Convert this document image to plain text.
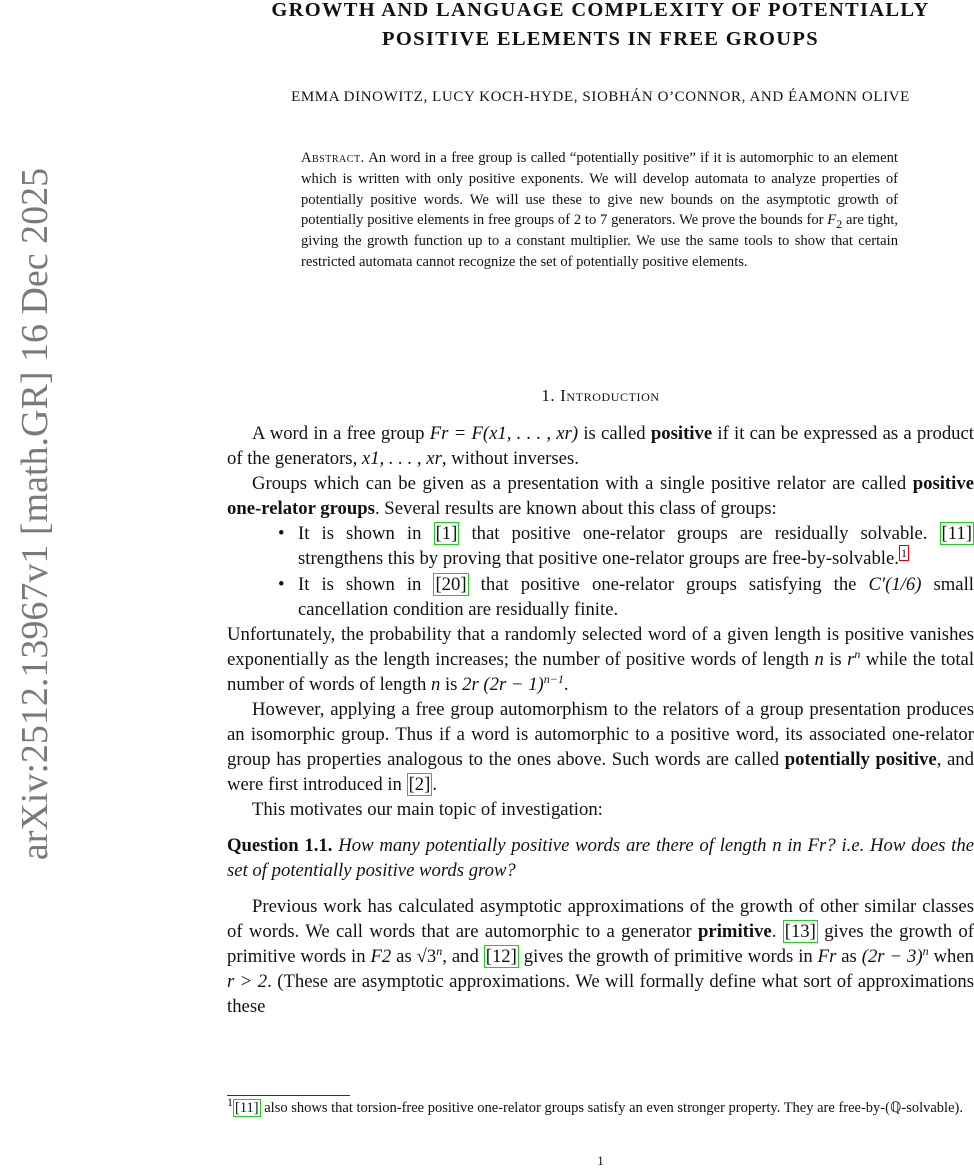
arXiv:2512.13967v1 [math.GR] 16 Dec 2025
GROWTH AND LANGUAGE COMPLEXITY OF POTENTIALLY
POSITIVE ELEMENTS IN FREE GROUPS
EMMA DINOWITZ, LUCY KOCH-HYDE, SIOBHÁN O’CONNOR, AND ÉAMONN OLIVE
Abstract. An word in a free group is called “potentially positive” if it is automorphic to an element which is written with only positive exponents. We will develop automata to analyze properties of potentially positive words. We will use these to give new bounds on the asymptotic growth of potentially positive elements in free groups of 2 to 7 generators. We prove the bounds for $F_2$ are tight, giving the growth function up to a constant multiplier. We use the same tools to show that certain restricted automata cannot recognize the set of potentially positive elements.
1. Introduction

A word in a free group Fr = F(x1, . . . , xr) is called positive if it can be expressed as a product of the generators, x1, . . . , xr, without inverses.

Groups which can be given as a presentation with a single positive relator are called positive one-relator groups. Several results are known about this class of groups:

• It is shown in [1] that positive one-relator groups are residually solvable. [11] strengthens this by proving that positive one-relator groups are free-by-solvable. $^1$
• It is shown in [20] that positive one-relator groups satisfying the C′(1/6) small cancellation condition are residually finite.

Unfortunately, the probability that a randomly selected word of a given length is positive vanishes exponentially as the length increases; the number of positive words of length n is $r^n$ while the total number of words of length n is 2r $(2r - 1)^{n-1}$.

However, applying a free group automorphism to the relators of a group presentation produces an isomorphic group. Thus if a word is automorphic to a positive word, its associated one-relator group has properties analogous to the ones above. Such words are called potentially positive, and were first introduced in [2] .

This motivates our main topic of investigation:

Question 1.1. How many potentially positive words are there of length n in Fr? i.e. How does the set of potentially positive words grow?

Previous work has calculated asymptotic approximations of the growth of other similar classes of words. We call words that are automorphic to a generator primitive. [13] gives the growth of primitive words in F2 as √3$^n$, and [12] gives the growth of primitive words in Fr as $(2r - 3)^n$ when r > 2. (These are asymptotic approximations. We will formally define what sort of approximations these

1
$^1$ [11] also shows that torsion-free positive one-relator groups satisfy an even stronger property. They are free-by-(ℚ-solvable).
